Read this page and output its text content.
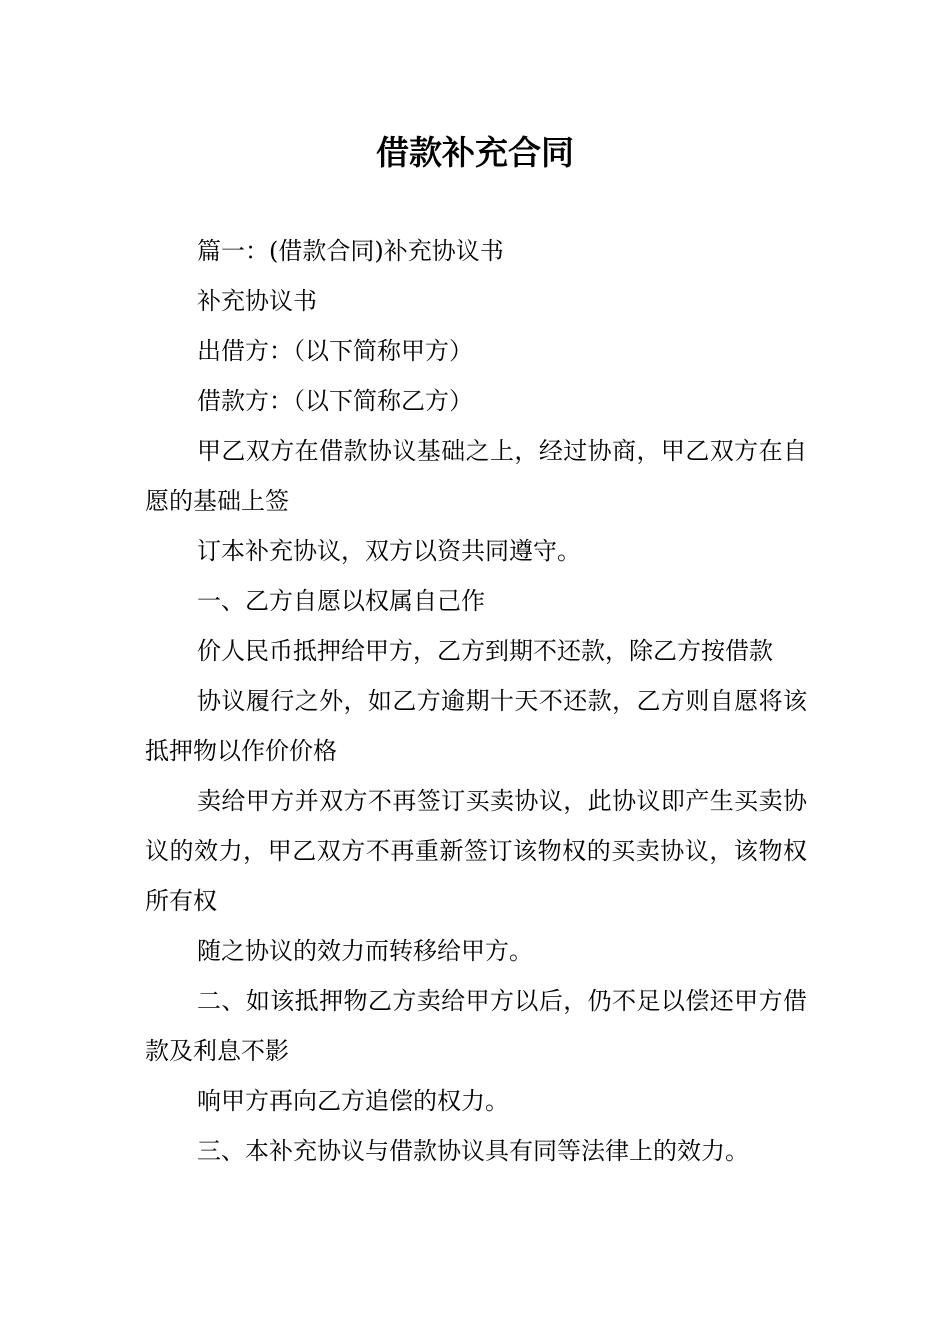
借款补充合同

篇一：(借款合同)补充协议书

补充协议书

出借方：（以下简称甲方）

借款方：（以下简称乙方）

甲乙双方在借款协议基础之上，经过协商，甲乙双方在自愿的基础上签

订本补充协议，双方以资共同遵守。

一、乙方自愿以权属自己作

价人民币抵押给甲方，乙方到期不还款，除乙方按借款

协议履行之外，如乙方逾期十天不还款，乙方则自愿将该抵押物以作价价格

卖给甲方并双方不再签订买卖协议，此协议即产生买卖协议的效力，甲乙双方不再重新签订该物权的买卖协议，该物权所有权

随之协议的效力而转移给甲方。

二、如该抵押物乙方卖给甲方以后，仍不足以偿还甲方借款及利息不影

响甲方再向乙方追偿的权力。

三、本补充协议与借款协议具有同等法律上的效力。
